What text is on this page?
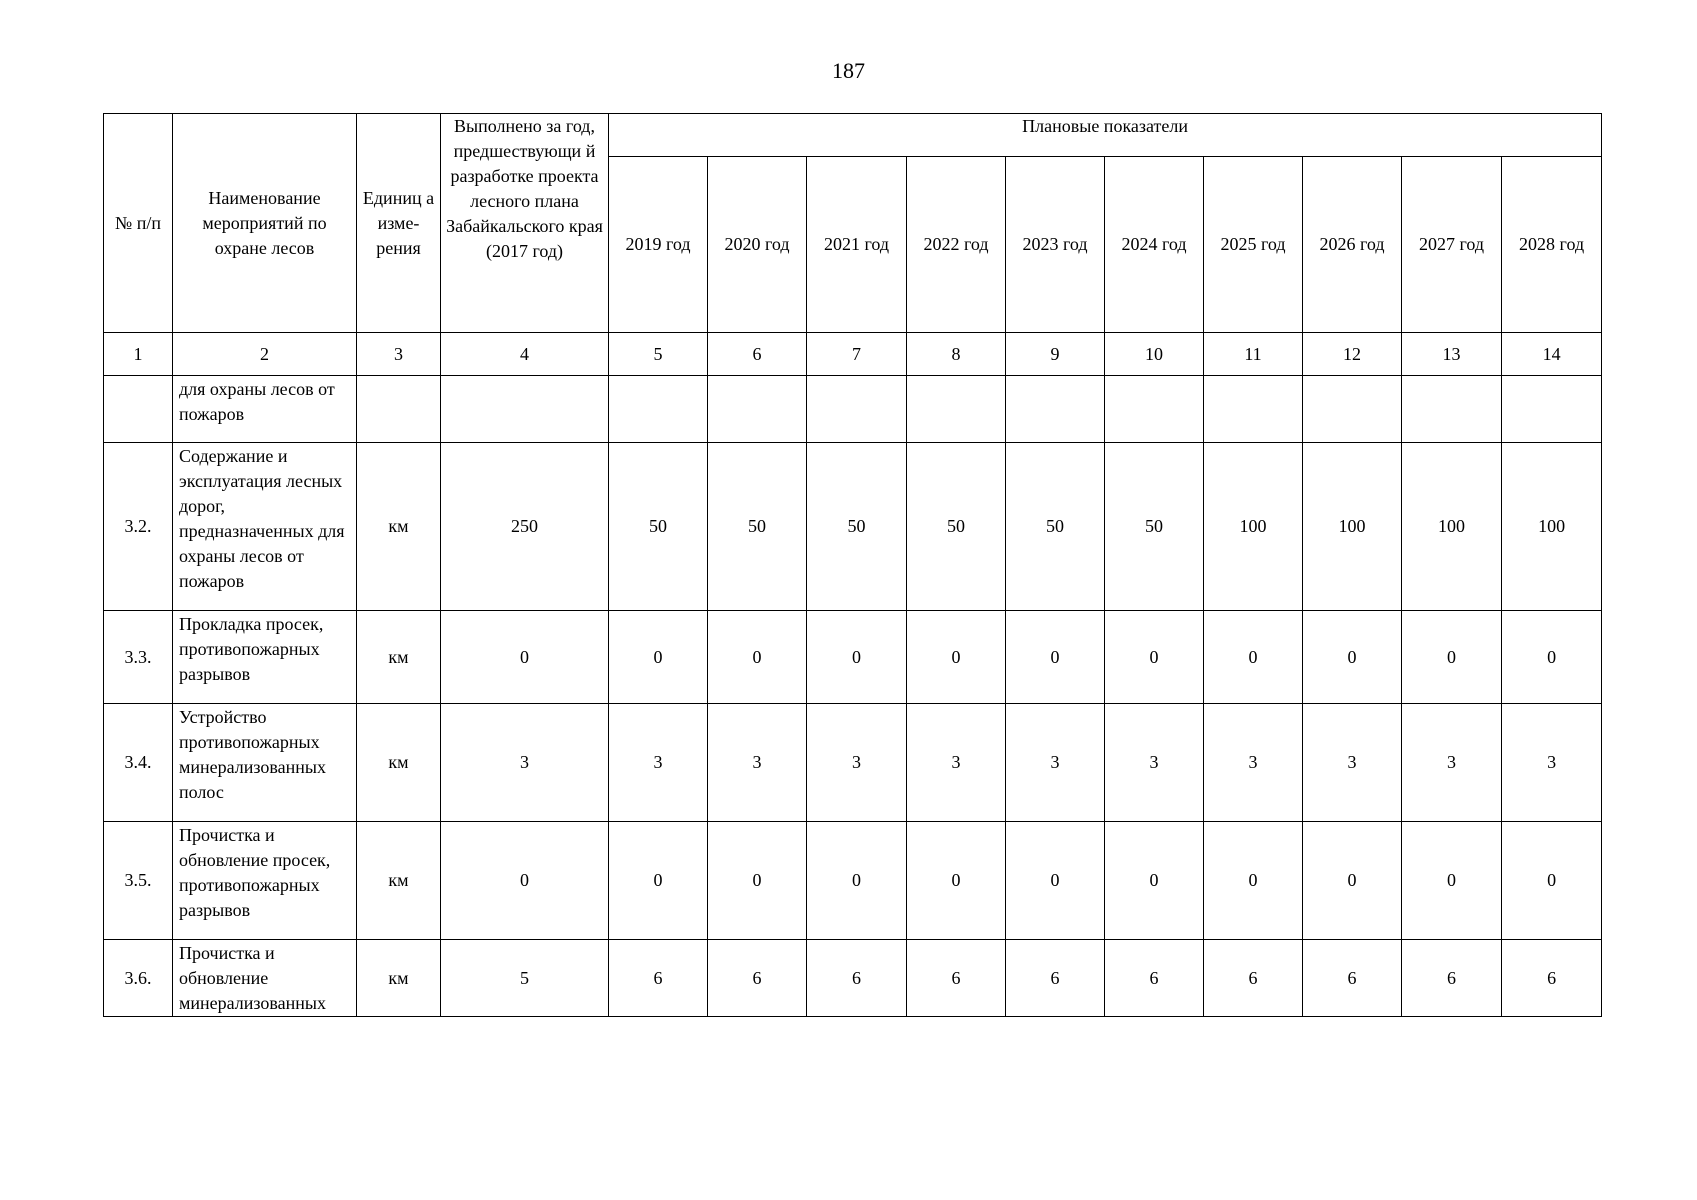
187
№ п/п	Наименование мероприятий по охране лесов	Единиц а изме- рения	Выполнено за год, предшествующи й разработке проекта лесного плана Забайкальского края (2017 год)	Плановые показатели									
				2019 год	2020 год	2021 год	2022 год	2023 год	2024 год	2025 год	2026 год	2027 год	2028 год
1	2	3	4	5	6	7	8	9	10	11	12	13	14
	для охраны лесов от пожаров												
3.2.	Содержание и эксплуатация лесных дорог, предназначенных для охраны лесов от пожаров	км	250	50	50	50	50	50	50	100	100	100	100
3.3.	Прокладка просек, противопожарных разрывов	км	0	0	0	0	0	0	0	0	0	0	0
3.4.	Устройство противопожарных минерализованных полос	км	3	3	3	3	3	3	3	3	3	3	3
3.5.	Прочистка и обновление просек, противопожарных разрывов	км	0	0	0	0	0	0	0	0	0	0	0
3.6.	Прочистка и обновление минерализованных	км	5	6	6	6	6	6	6	6	6	6	6
